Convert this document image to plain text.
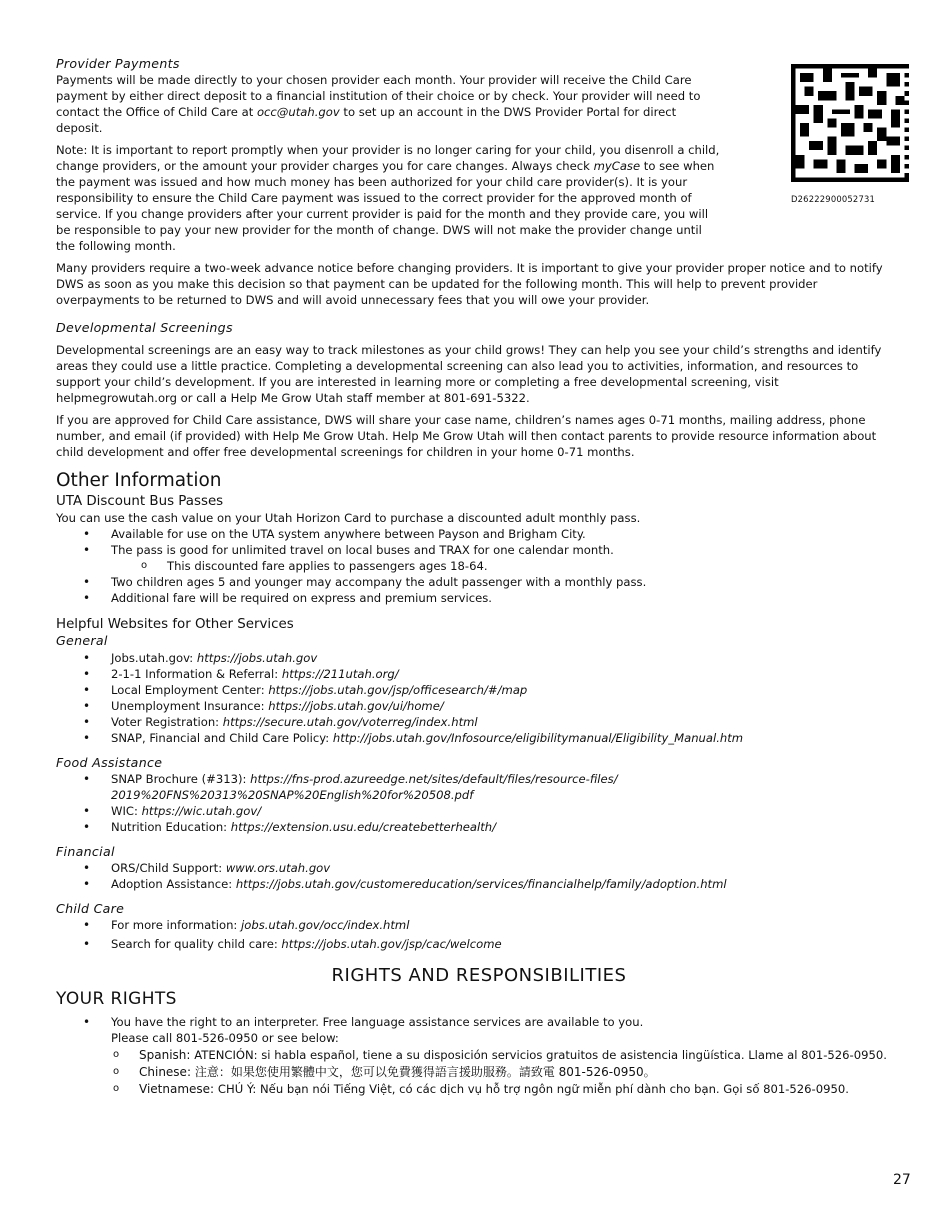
D26222900052731
Provider Payments

Payments will be made directly to your chosen provider each month. Your provider will receive the Child Care payment by either direct deposit to a financial institution of their choice or by check. Your provider will need to contact the Office of Child Care at occ@utah.gov to set up an account in the DWS Provider Portal for direct deposit.

Note: It is important to report promptly when your provider is no longer caring for your child, you disenroll a child, change providers, or the amount your provider charges you for care changes. Always check myCase to see when the payment was issued and how much money has been authorized for your child care provider(s). It is your responsibility to ensure the Child Care payment was issued to the correct provider for the approved month of service. If you change providers after your current provider is paid for the month and they provide care, you will be responsible to pay your new provider for the month of change. DWS will not make the provider change until the following month.

Many providers require a two-week advance notice before changing providers. It is important to give your provider proper notice and to notify DWS as soon as you make this decision so that payment can be updated for the following month. This will help to prevent provider overpayments to be returned to DWS and will avoid unnecessary fees that you will owe your provider.

Developmental Screenings

Developmental screenings are an easy way to track milestones as your child grows! They can help you see your child’s strengths and identify areas they could use a little practice. Completing a developmental screening can also lead you to activities, information, and resources to support your child’s development. If you are interested in learning more or completing a free developmental screening, visit helpmegrowutah.org or call a Help Me Grow Utah staff member at 801-691-5322.

If you are approved for Child Care assistance, DWS will share your case name, children’s names ages 0-71 months, mailing address, phone number, and email (if provided) with Help Me Grow Utah. Help Me Grow Utah will then contact parents to provide resource information about child development and offer free developmental screenings for children in your home 0-71 months.

Other Information
UTA Discount Bus Passes

You can use the cash value on your Utah Horizon Card to purchase a discounted adult monthly pass.

• Available for use on the UTA system anywhere between Payson and Brigham City.
• The pass is good for unlimited travel on local buses and TRAX for one calendar month.
o This discounted fare applies to passengers ages 18-64.
• Two children ages 5 and younger may accompany the adult passenger with a monthly pass.
• Additional fare will be required on express and premium services.
Helpful Websites for Other Services
General
• Jobs.utah.gov: https://jobs.utah.gov
• 2-1-1 Information & Referral: https://211utah.org/
• Local Employment Center: https://jobs.utah.gov/jsp/officesearch/#/map
• Unemployment Insurance: https://jobs.utah.gov/ui/home/
• Voter Registration: https://secure.utah.gov/voterreg/index.html
• SNAP, Financial and Child Care Policy: http://jobs.utah.gov/Infosource/eligibilitymanual/Eligibility_Manual.htm
Food Assistance
• SNAP Brochure (#313): https://fns-prod.azureedge.net/sites/default/files/resource-files/2019%20FNS%20313%20SNAP%20English%20for%20508.pdf
• WIC: https://wic.utah.gov/
• Nutrition Education: https://extension.usu.edu/createbetterhealth/
Financial
• ORS/Child Support: www.ors.utah.gov
• Adoption Assistance: https://jobs.utah.gov/customereducation/services/financialhelp/family/adoption.html
Child Care
• For more information: jobs.utah.gov/occ/index.html
• Search for quality child care: https://jobs.utah.gov/jsp/cac/welcome
RIGHTS AND RESPONSIBILITIES
YOUR RIGHTS
• You have the right to an interpreter. Free language assistance services are available to you.
Please call 801-526-0950 or see below:
o Spanish: ATENCIÓN: si habla español, tiene a su disposición servicios gratuitos de asistencia lingüística. Llame al 801-526-0950.
o Chinese: 注意：如果您使用繁體中文，您可以免費獲得語言援助服務。請致電 801-526-0950。
o Vietnamese: CHÚ Ý: Nếu bạn nói Tiếng Việt, có các dịch vụ hỗ trợ ngôn ngữ miễn phí dành cho bạn. Gọi số 801-526-0950.
27
